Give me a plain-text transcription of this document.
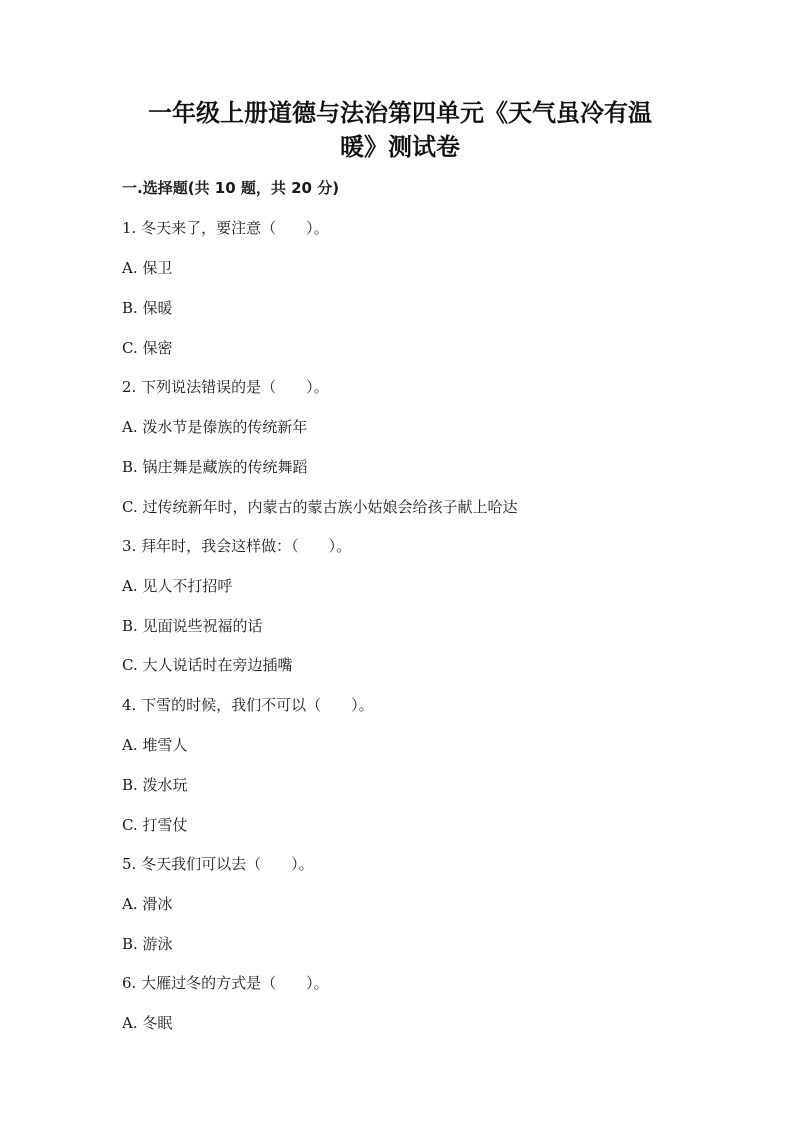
一年级上册道德与法治第四单元《天气虽冷有温
暖》测试卷

一.选择题(共 10 题，共 20 分)

1. 冬天来了，要注意（　　）。

A. 保卫

B. 保暖

C. 保密

2. 下列说法错误的是（　　）。

A. 泼水节是傣族的传统新年

B. 锅庄舞是藏族的传统舞蹈

C. 过传统新年时，内蒙古的蒙古族小姑娘会给孩子献上哈达

3. 拜年时，我会这样做：（　　）。

A. 见人不打招呼

B. 见面说些祝福的话

C. 大人说话时在旁边插嘴

4. 下雪的时候，我们不可以（　　）。

A. 堆雪人

B. 泼水玩

C. 打雪仗

5. 冬天我们可以去（　　）。

A. 滑冰

B. 游泳

6. 大雁过冬的方式是（　　）。

A. 冬眠
